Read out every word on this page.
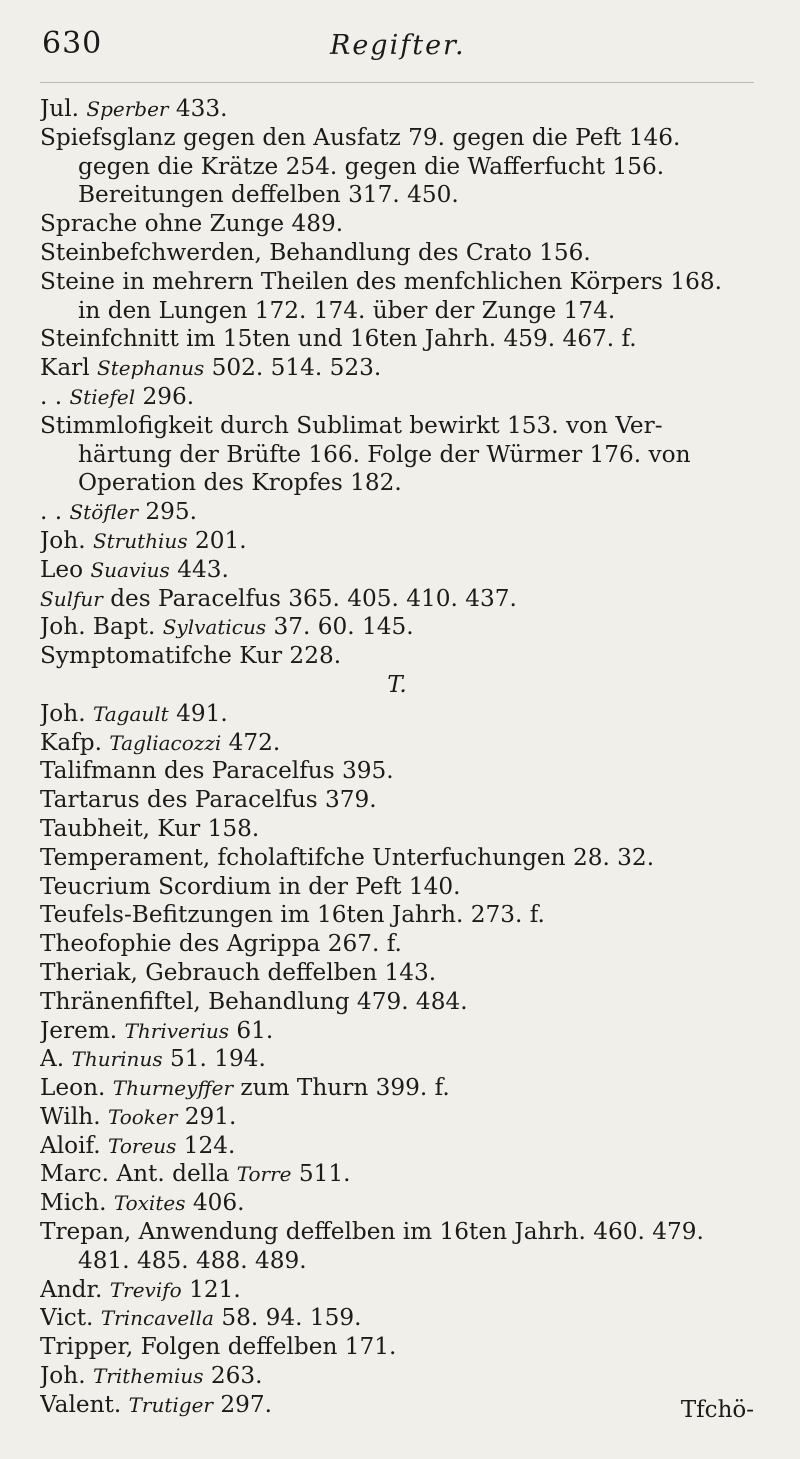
630	Regifter.
Jul. Sperber 433.
Spiefsglanz gegen den Ausfatz 79. gegen die Peft 146.
gegen die Krätze 254. gegen die Wafferfucht 156.
Bereitungen deffelben 317. 450.
Sprache ohne Zunge 489.
Steinbefchwerden, Behandlung des Crato 156.
Steine in mehrern Theilen des menfchlichen Körpers 168.
in den Lungen 172. 174. über der Zunge 174.
Steinfchnitt im 15ten und 16ten Jahrh. 459. 467. f.
Karl Stephanus 502. 514. 523.
. . Stiefel 296.
Stimmlofigkeit durch Sublimat bewirkt 153. von Ver-
härtung der Brüfte 166. Folge der Würmer 176. von
Operation des Kropfes 182.
. . Stöfler 295.
Joh. Struthius 201.
Leo Suavius 443.
Sulfur des Paracelfus 365. 405. 410. 437.
Joh. Bapt. Sylvaticus 37. 60. 145.
Symptomatifche Kur 228.
T.
Joh. Tagault 491.
Kafp. Tagliacozzi 472.
Talifmann des Paracelfus 395.
Tartarus des Paracelfus 379.
Taubheit, Kur 158.
Temperament, fcholaftifche Unterfuchungen 28. 32.
Teucrium Scordium in der Peft 140.
Teufels-Befitzungen im 16ten Jahrh. 273. f.
Theofophie des Agrippa 267. f.
Theriak, Gebrauch deffelben 143.
Thränenfiftel, Behandlung 479. 484.
Jerem. Thriverius 61.
A. Thurinus 51. 194.
Leon. Thurneyffer zum Thurn 399. f.
Wilh. Tooker 291.
Aloif. Toreus 124.
Marc. Ant. della Torre 511.
Mich. Toxites 406.
Trepan, Anwendung deffelben im 16ten Jahrh. 460. 479.
481. 485. 488. 489.
Andr. Trevifo 121.
Vict. Trincavella 58. 94. 159.
Tripper, Folgen deffelben 171.
Joh. Trithemius 263.
Valent. Trutiger 297.	Tfchö-
